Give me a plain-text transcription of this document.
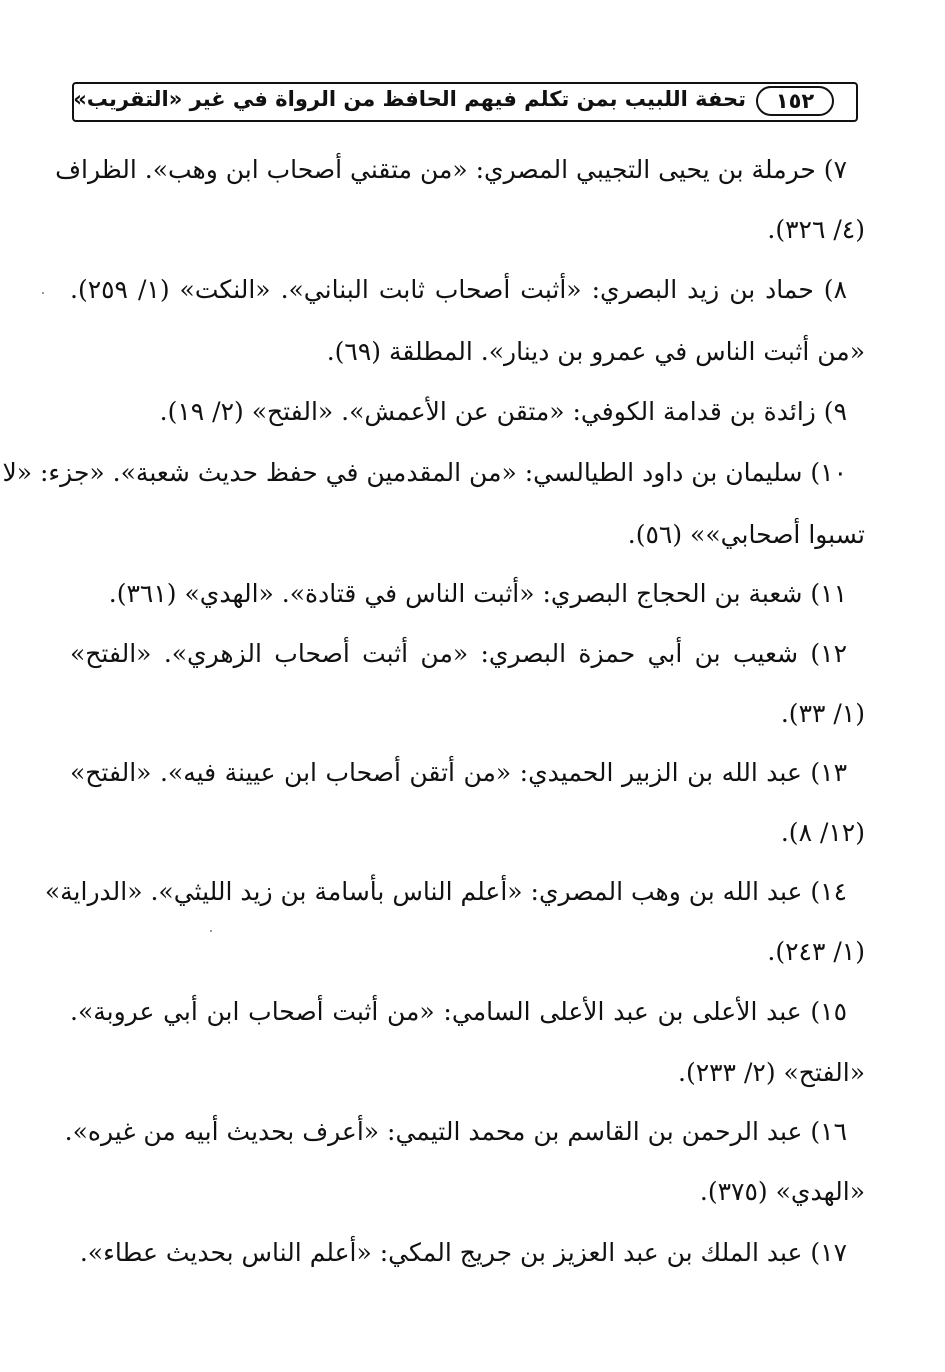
تحفة اللبيب بمن تكلم فيهم الحافظ من الرواة في غير «التقريب»	١٥٢
٧) حرملة بن يحيى التجيبي المصري: «من متقني أصحاب ابن وهب». الظراف
(٤/ ٣٢٦).
٨) حماد بن زيد البصري: «أثبت أصحاب ثابت البناني». «النكت» (١/ ٢٥٩).
«من أثبت الناس في عمرو بن دينار». المطلقة (٦٩).
٩) زائدة بن قدامة الكوفي: «متقن عن الأعمش». «الفتح» (٢/ ١٩).
١٠) سليمان بن داود الطيالسي: «من المقدمين في حفظ حديث شعبة». «جزء: «لا
تسبوا أصحابي»» (٥٦).
١١) شعبة بن الحجاج البصري: «أثبت الناس في قتادة». «الهدي» (٣٦١).
١٢) شعيب بن أبي حمزة البصري: «من أثبت أصحاب الزهري». «الفتح»
(١/ ٣٣).
١٣) عبد الله بن الزبير الحميدي: «من أتقن أصحاب ابن عيينة فيه». «الفتح»
(١٢/ ٨).
١٤) عبد الله بن وهب المصري: «أعلم الناس بأسامة بن زيد الليثي». «الدراية»
(١/ ٢٤٣).
١٥) عبد الأعلى بن عبد الأعلى السامي: «من أثبت أصحاب ابن أبي عروبة».
«الفتح» (٢/ ٢٣٣).
١٦) عبد الرحمن بن القاسم بن محمد التيمي: «أعرف بحديث أبيه من غيره».
«الهدي» (٣٧٥).
١٧) عبد الملك بن عبد العزيز بن جريج المكي: «أعلم الناس بحديث عطاء».
